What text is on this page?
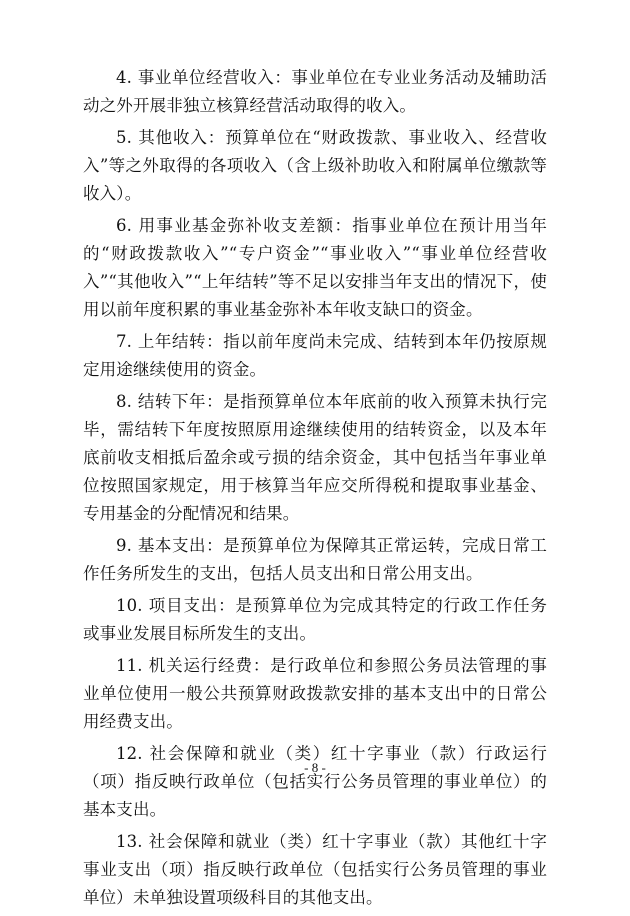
4. 事业单位经营收入：事业单位在专业业务活动及辅助活动之外开展非独立核算经营活动取得的收入。

5. 其他收入：预算单位在“财政拨款、事业收入、经营收入”等之外取得的各项收入（含上级补助收入和附属单位缴款等收入）。

6. 用事业基金弥补收支差额：指事业单位在预计用当年的“财政拨款收入”“专户资金”“事业收入”“事业单位经营收入”“其他收入”“上年结转”等不足以安排当年支出的情况下，使用以前年度积累的事业基金弥补本年收支缺口的资金。

7. 上年结转：指以前年度尚未完成、结转到本年仍按原规定用途继续使用的资金。

8. 结转下年：是指预算单位本年底前的收入预算未执行完毕，需结转下年度按照原用途继续使用的结转资金，以及本年底前收支相抵后盈余或亏损的结余资金，其中包括当年事业单位按照国家规定，用于核算当年应交所得税和提取事业基金、专用基金的分配情况和结果。

9. 基本支出：是预算单位为保障其正常运转，完成日常工作任务所发生的支出，包括人员支出和日常公用支出。

10. 项目支出：是预算单位为完成其特定的行政工作任务或事业发展目标所发生的支出。

11. 机关运行经费：是行政单位和参照公务员法管理的事业单位使用一般公共预算财政拨款安排的基本支出中的日常公用经费支出。

12. 社会保障和就业（类）红十字事业（款）行政运行（项）指反映行政单位（包括实行公务员管理的事业单位）的基本支出。

13. 社会保障和就业（类）红十字事业（款）其他红十字事业支出（项）指反映行政单位（包括实行公务员管理的事业单位）未单独设置项级科目的其他支出。

- 8 -
